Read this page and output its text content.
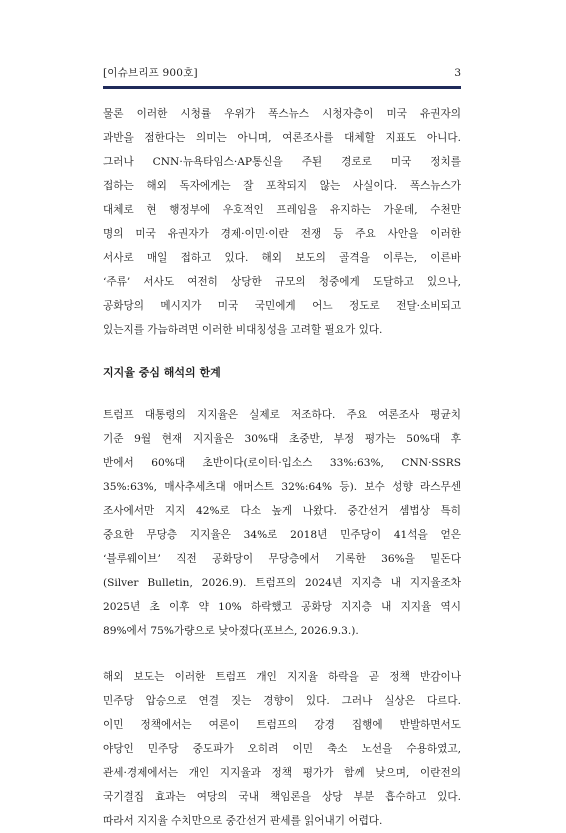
[이슈브리프 900호]	3

물론 이러한 시청률 우위가 폭스뉴스 시청자층이 미국 유권자의
과반을 점한다는 의미는 아니며, 여론조사를 대체할 지표도 아니다.
그러나 CNN·뉴욕타임스·AP통신을 주된 경로로 미국 정치를
접하는 해외 독자에게는 잘 포착되지 않는 사실이다. 폭스뉴스가
대체로 현 행정부에 우호적인 프레임을 유지하는 가운데, 수천만
명의 미국 유권자가 경제·이민·이란 전쟁 등 주요 사안을 이러한
서사로 매일 접하고 있다. 해외 보도의 골격을 이루는, 이른바
‘주류’ 서사도 여전히 상당한 규모의 청중에게 도달하고 있으나,
공화당의 메시지가 미국 국민에게 어느 정도로 전달·소비되고
있는지를 가늠하려면 이러한 비대칭성을 고려할 필요가 있다.

지지율 중심 해석의 한계

트럼프 대통령의 지지율은 실제로 저조하다. 주요 여론조사 평균치
기준 9월 현재 지지율은 30%대 초중반, 부정 평가는 50%대 후
반에서 60%대 초반이다(로이터·입소스 33%:63%, CNN·SSRS
35%:63%, 매사추세츠대 애머스트 32%:64% 등). 보수 성향 라스무센
조사에서만 지지 42%로 다소 높게 나왔다. 중간선거 셈법상 특히
중요한 무당층 지지율은 34%로 2018년 민주당이 41석을 얻은
‘블루웨이브’ 직전 공화당이 무당층에서 기록한 36%을 밑돈다
(Silver Bulletin, 2026.9). 트럼프의 2024년 지지층 내 지지율조차
2025년 초 이후 약 10% 하락했고 공화당 지지층 내 지지율 역시
89%에서 75%가량으로 낮아졌다(포브스, 2026.9.3.).

해외 보도는 이러한 트럼프 개인 지지율 하락을 곧 정책 반감이나
민주당 압승으로 연결 짓는 경향이 있다. 그러나 실상은 다르다.
이민 정책에서는 여론이 트럼프의 강경 집행에 반발하면서도
야당인 민주당 중도파가 오히려 이민 축소 노선을 수용하였고,
관세·경제에서는 개인 지지율과 정책 평가가 함께 낮으며, 이란전의
국기결집 효과는 여당의 국내 책임론을 상당 부분 흡수하고 있다.
따라서 지지율 수치만으로 중간선거 판세를 읽어내기 어렵다.
